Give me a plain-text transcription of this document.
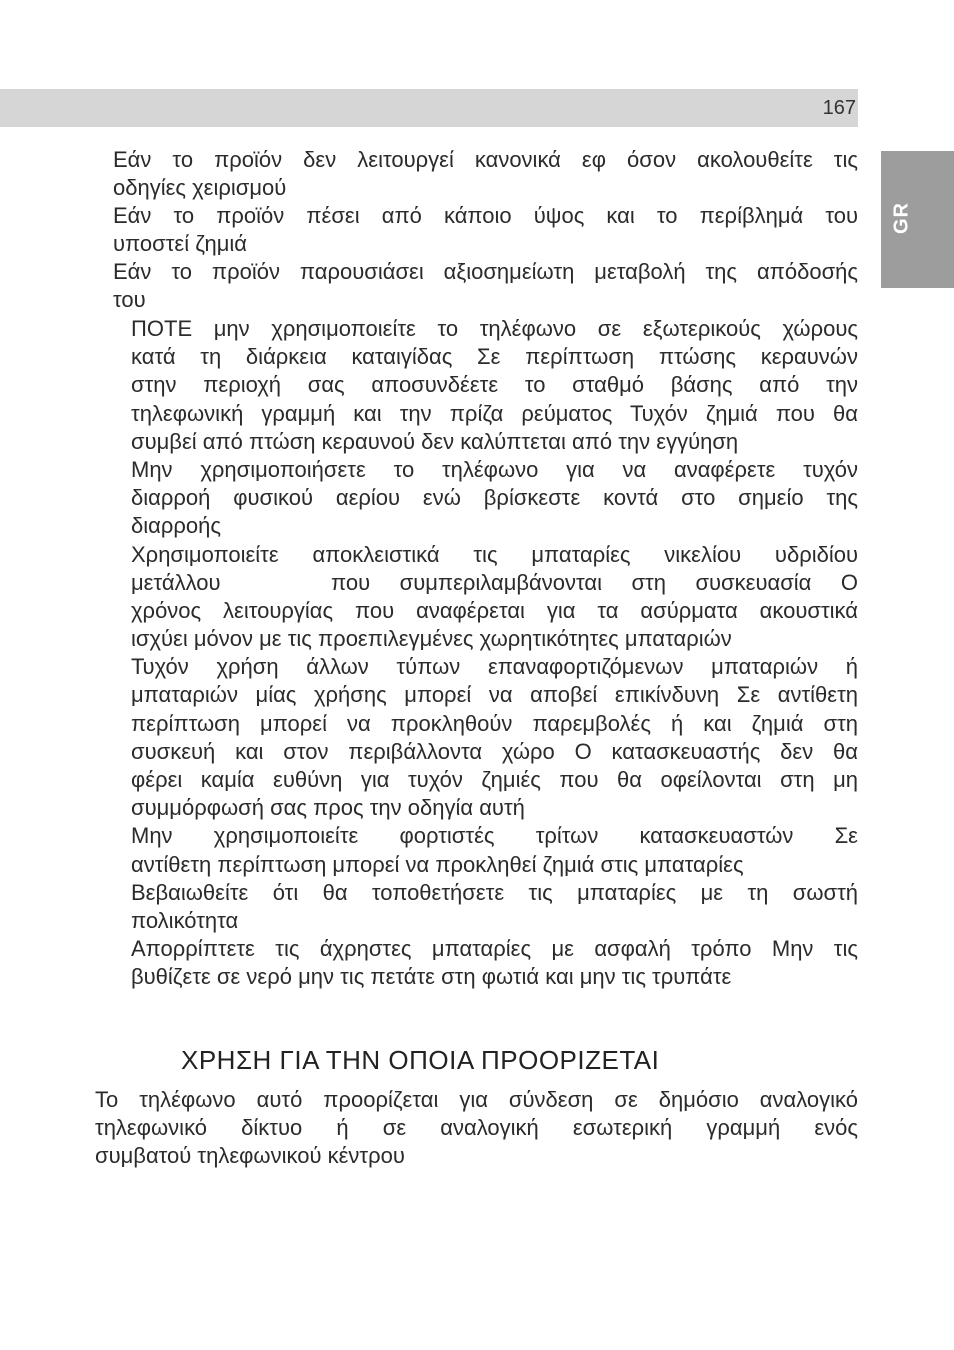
167
GR
Εάν το προϊόν δεν λειτουργεί κανονικά εφ όσον ακολουθείτε τις
οδηγίες χειρισμού
Εάν το προϊόν πέσει από κάποιο ύψος και το περίβλημά του
υποστεί ζημιά
Εάν το προϊόν παρουσιάσει αξιοσημείωτη μεταβολή της απόδοσής
του
ΠΟΤΕ μην χρησιμοποιείτε το τηλέφωνο σε εξωτερικούς χώρους
κατά τη διάρκεια καταιγίδας Σε περίπτωση πτώσης κεραυνών
στην περιοχή σας αποσυνδέετε το σταθμό βάσης από την
τηλεφωνική γραμμή και την πρίζα ρεύματος Τυχόν ζημιά που θα
συμβεί από πτώση κεραυνού δεν καλύπτεται από την εγγύηση
Μην χρησιμοποιήσετε το τηλέφωνο για να αναφέρετε τυχόν
διαρροή φυσικού αερίου ενώ βρίσκεστε κοντά στο σημείο της
διαρροής
Χρησιμοποιείτε αποκλειστικά τις μπαταρίες νικελίου υδριδίου
μετάλλου	που συμπεριλαμβάνονται στη συσκευασία Ο
χρόνος λειτουργίας που αναφέρεται για τα ασύρματα ακουστικά
ισχύει μόνον με τις προεπιλεγμένες χωρητικότητες μπαταριών
Τυχόν χρήση άλλων τύπων επαναφορτιζόμενων μπαταριών ή
μπαταριών μίας χρήσης μπορεί να αποβεί επικίνδυνη Σε αντίθετη
περίπτωση μπορεί να προκληθούν παρεμβολές ή και ζημιά στη
συσκευή και στον περιβάλλοντα χώρο Ο κατασκευαστής δεν θα
φέρει καμία ευθύνη για τυχόν ζημιές που θα οφείλονται στη μη
συμμόρφωσή σας προς την οδηγία αυτή
Μην χρησιμοποιείτε φορτιστές τρίτων κατασκευαστών Σε
αντίθετη περίπτωση μπορεί να προκληθεί ζημιά στις μπαταρίες
Βεβαιωθείτε ότι θα τοποθετήσετε τις μπαταρίες με τη σωστή
πολικότητα
Απορρίπτετε τις άχρηστες μπαταρίες με ασφαλή τρόπο Μην τις
βυθίζετε σε νερό μην τις πετάτε στη φωτιά και μην τις τρυπάτε
ΧΡΗΣΗ ΓΙΑ ΤΗΝ ΟΠΟΙΑ ΠΡΟΟΡΙΖΕΤΑΙ
Το τηλέφωνο αυτό προορίζεται για σύνδεση σε δημόσιο αναλογικό
τηλεφωνικό δίκτυο ή σε αναλογική εσωτερική γραμμή ενός
συμβατού τηλεφωνικού κέντρου
